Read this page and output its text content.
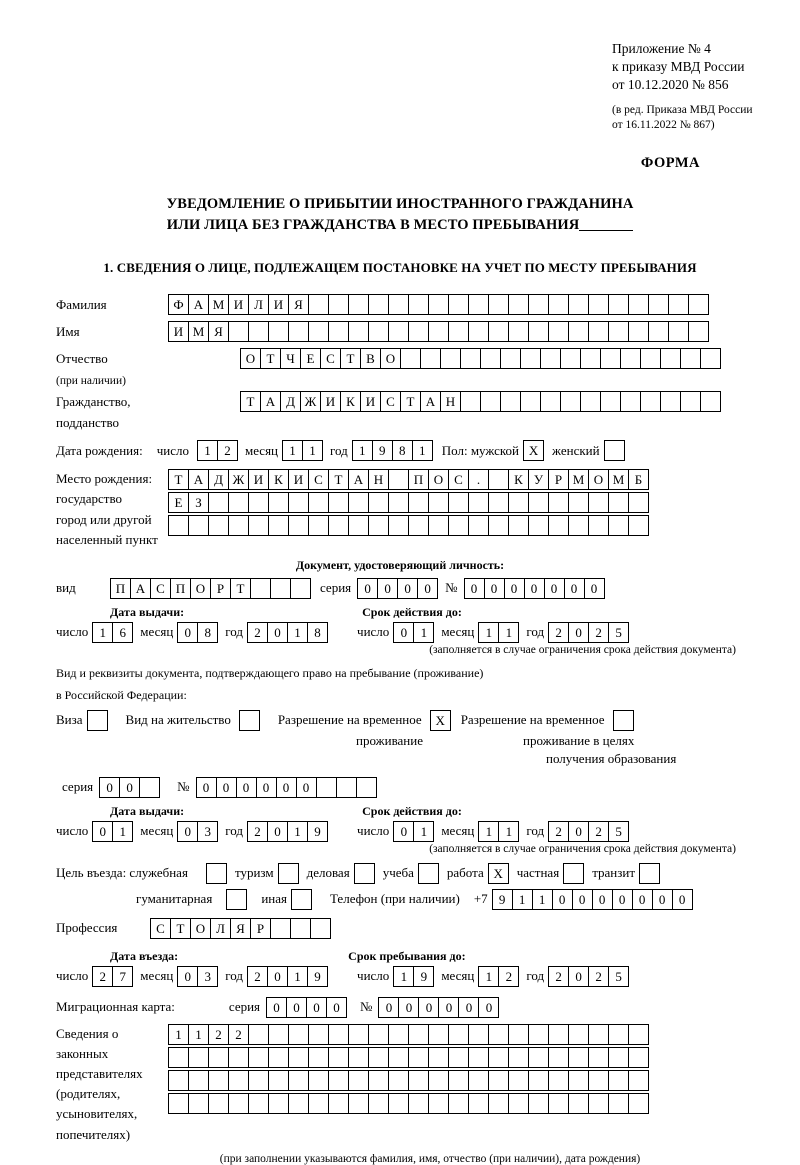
Приложение № 4
к приказу МВД России
от 10.12.2020 № 856
(в ред. Приказа МВД России
от 16.11.2022 № 867)
ФОРМА
УВЕДОМЛЕНИЕ О ПРИБЫТИИ ИНОСТРАННОГО ГРАЖДАНИНА
ИЛИ ЛИЦА БЕЗ ГРАЖДАНСТВА В МЕСТО ПРЕБЫВАНИЯ
1. СВЕДЕНИЯ О ЛИЦЕ, ПОДЛЕЖАЩЕМ ПОСТАНОВКЕ НА УЧЕТ ПО МЕСТУ ПРЕБЫВАНИЯ
Фамилия	Ф А М И Л И Я
Имя	И М Я
Отчество	О Т Ч Е С Т В О
(при наличии)
Гражданство,	Т А Д Ж И К И С Т А Н
подданство
Дата рождения: число	1	2	месяц 1	1	год 1	9	8	1	Пол: мужской X	женский
Место рождения:
государство
город или другой
населенный пункт
Т А Д Ж И К И С Т А Н	П О С	.	К У Р М О М Б
Е З
Документ, удостоверяющий личность:
вид	П А С П О Р Т	серия	0	0	0	0	№	0	0	0	0	0	0	0
Дата выдачи:	Срок действия до:
число 1	6	месяц 0	8	год 2	0	1	8	число 0	1	месяц 1	1	год 2	0	2	5
(заполняется в случае ограничения срока действия документа)
Вид и реквизиты документа, подтверждающего право на пребывание (проживание)
в Российской Федерации:
Виза	Вид на жительство	Разрешение на временное	X	Разрешение на временное
проживание	проживание в целях
получения образования
серия	0	0	№	0	0	0	0	0	0
Дата выдачи:	Срок действия до:
число 0	1	месяц 0	3	год 2	0	1	9	число 0	1	месяц 1	1	год 2	0	2	5
(заполняется в случае ограничения срока действия документа)
Цель въезда: служебная	туризм	деловая	учеба	работа X	частная	транзит
гуманитарная	иная	Телефон (при наличии) +7 9	1	1	0	0	0	0	0	0	0
Профессия	С Т О Л Я Р
Дата въезда:	Срок пребывания до:
число 2	7	месяц 0	3	год 2	0	1	9	число 1	9	месяц 1	2	год 2	0	2	5
Миграционная карта:	серия	0	0	0	0	№	0	0	0	0	0	0
Сведения о
законных
представителях
(родителях,
усыновителях,
попечителях)
1	1	2	2
(при заполнении указываются фамилия, имя, отчество (при наличии), дата рождения)
